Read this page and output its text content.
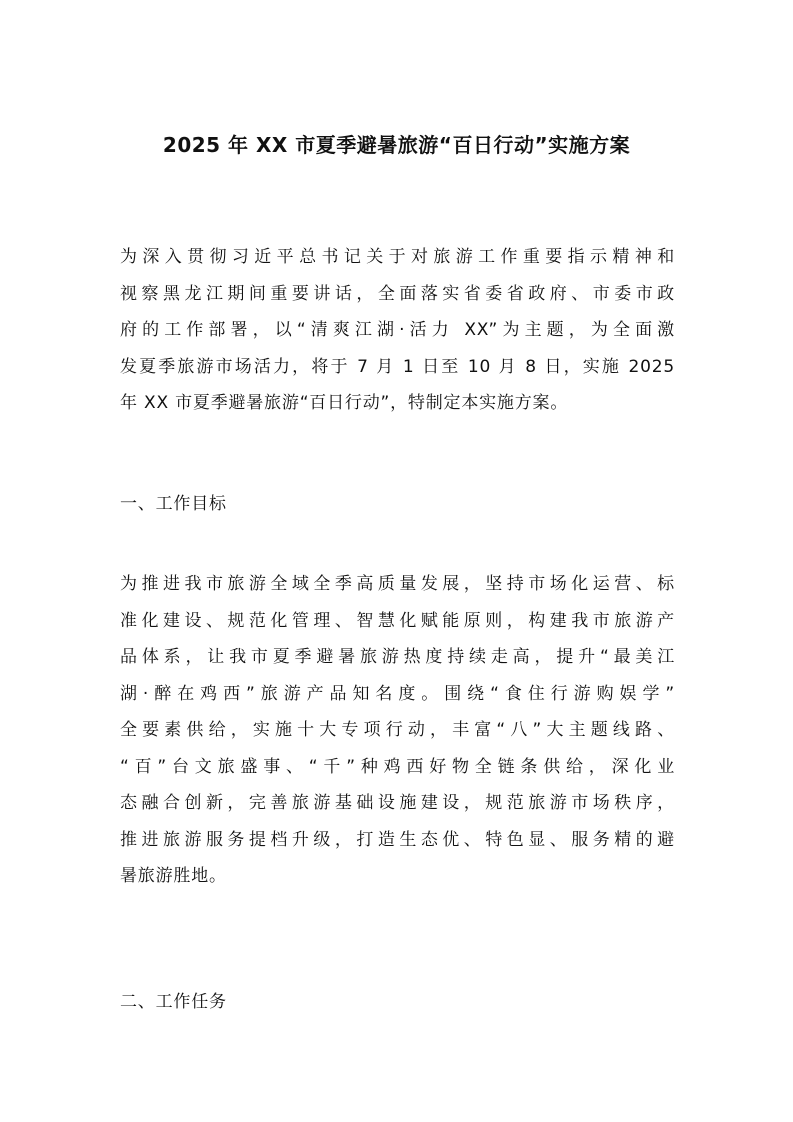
2025 年 XX 市夏季避暑旅游“百日行动”实施方案
为深入贯彻习近平总书记关于对旅游工作重要指示精神和
视察黑龙江期间重要讲话，全面落实省委省政府、市委市政
府的工作部署，以“清爽江湖·活力 XX”为主题，为全面激
发夏季旅游市场活力，将于 7 月 1 日至 10 月 8 日，实施 2025
年 XX 市夏季避暑旅游“百日行动”，特制定本实施方案。
一、工作目标
为推进我市旅游全域全季高质量发展，坚持市场化运营、标
准化建设、规范化管理、智慧化赋能原则，构建我市旅游产
品体系，让我市夏季避暑旅游热度持续走高，提升“最美江
湖·醉在鸡西”旅游产品知名度。围绕“食住行游购娱学”
全要素供给，实施十大专项行动，丰富“八”大主题线路、
“百”台文旅盛事、“千”种鸡西好物全链条供给，深化业
态融合创新，完善旅游基础设施建设，规范旅游市场秩序，
推进旅游服务提档升级，打造生态优、特色显、服务精的避
暑旅游胜地。
二、工作任务
